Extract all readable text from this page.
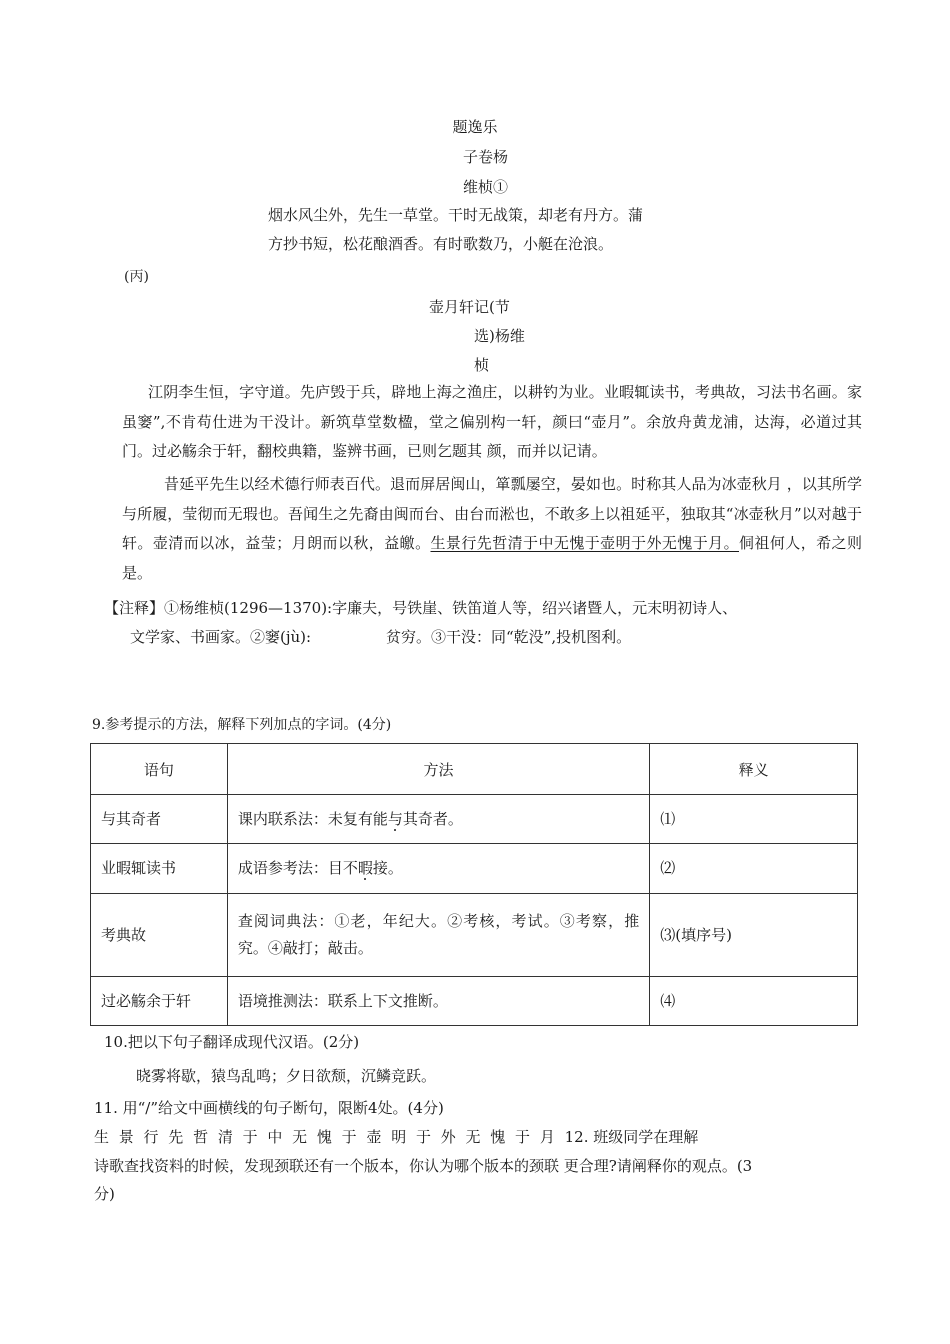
题逸乐
子卷杨
维桢①
烟水风尘外，先生一草堂。干时无战策，却老有丹方。蒲
方抄书短，松花酿酒香。有时歌数乃，小艇在沧浪。
(丙)
壶月轩记(节
选)杨维
桢
江阴李生恒，字守道。先庐毁于兵，辟地上海之渔庄，以耕钓为业。业暇辄读书，考典故，习法书名画。家虽窭”,不肯苟仕进为干没计。新筑草堂数楹，堂之偏别构一轩，颜曰“壶月”。余放舟黄龙浦，达海，必道过其门。过必觞余于轩，翻校典籍，鉴辨书画，已则乞题其 颜，而并以记请。
昔延平先生以经术德行师表百代。退而屏居闽山，箪瓢屡空，晏如也。时称其人品为冰壶秋月 ，以其所学与所履，莹彻而无瑕也。吾闻生之先裔由闽而台、由台而淞也，不敢多上以祖延平，独取其“冰壶秋月”以对越于轩。壶清而以冰，益莹；月朗而以秋，益皦。生景行先哲清于中无愧于壶明于外无愧于月。侗祖何人，希之则是。
【注释】①杨维桢(1296—1370):字廉夫，号铁崖、铁笛道人等，绍兴诸暨人，元末明初诗人、
文学家、书画家。②窭(jù):	贫穷。③干没：同“乾没”,投机图利。
9.参考提示的方法，解释下列加点的字词。(4分)
语句	方法	释义
与其奇者	课内联系法：未复有能与其奇者。	⑴
业暇辄读书	成语参考法：目不暇接。	⑵
考典故	查阅词典法：①老，年纪大。②考核，考试。③考察，推究。④敲打；敲击。	⑶(填序号)
过必觞余于轩	语境推测法：联系上下文推断。	⑷
10.把以下句子翻译成现代汉语。(2分)
晓雾将歇，猿鸟乱鸣；夕日欲颓，沉鳞竞跃。
11. 用“/”给文中画横线的句子断句，限断4处。(4分)
生 景 行 先 哲 清 于 中 无 愧 于 壶 明 于 外 无 愧 于 月 12. 班级同学在理解
诗歌查找资料的时候，发现颈联还有一个版本，你认为哪个版本的颈联 更合理?请阐释你的观点。(3
分)
